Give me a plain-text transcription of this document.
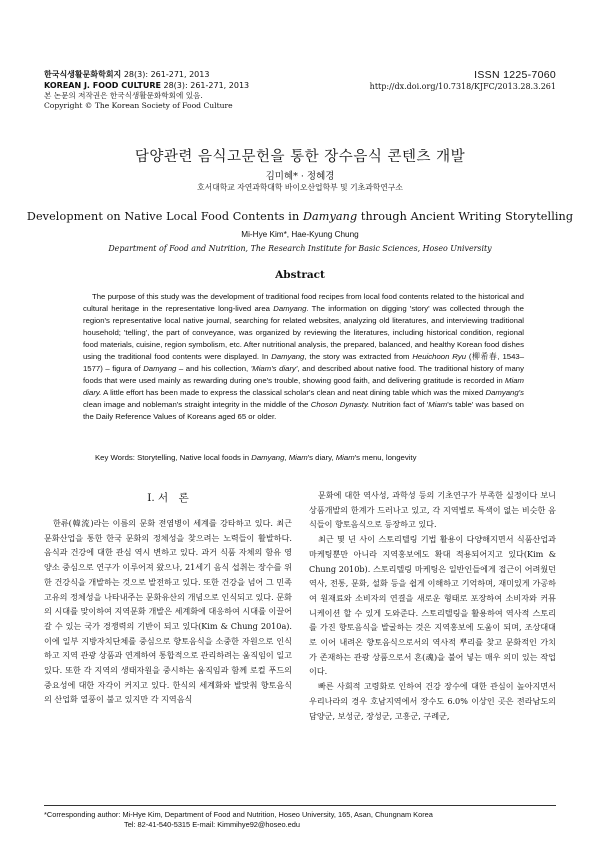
한국식생활문화학회지 28(3): 261-271, 2013
KOREAN J. FOOD CULTURE 28(3): 261-271, 2013
ISSN 1225-7060
http://dx.doi.org/10.7318/KJFC/2013.28.3.261
본 논문의 저작권은 한국식생활문화학회에 있음.
Copyright © The Korean Society of Food Culture
담양관련 음식고문헌을 통한 장수음식 콘텐츠 개발
김미혜* · 정혜경
호서대학교 자연과학대학 바이오산업학부 및 기초과학연구소
Development on Native Local Food Contents in Damyang through Ancient Writing Storytelling
Mi-Hye Kim*, Hae-Kyung Chung
Department of Food and Nutrition, The Research Institute for Basic Sciences, Hoseo University
Abstract
The purpose of this study was the development of traditional food recipes from local food contents related to the historical and cultural heritage in the representative long-lived area Damyang. The information on digging 'story' was collected through the region's representative local native journal, searching for related websites, analyzing old literatures, and interviewing traditional household; 'telling', the part of conveyance, was organized by reviewing the literatures, including historical condition, regional food materials, cuisine, region symbolism, etc. After nutritional analysis, the prepared, balanced, and healthy Korean food dishes using the traditional food contents were displayed. In Damyang, the story was extracted from Heuichoon Ryu (柳希春, 1543–1577) – figura of Damyang – and his collection, 'Miam's diary', and described about native food. The traditional history of many foods that were used mainly as rewarding during one's trouble, showing good faith, and delivering gratitude is recorded in Miam diary. A little effort has been made to express the classical scholar's clean and neat dining table which was the mixed Damyang's clean image and nobleman's straight integrity in the middle of the Choson Dynasty. Nutrition fact of 'Miam's table' was based on the Daily Reference Values of Koreans aged 65 or older.
Key Words: Storytelling, Native local foods in Damyang, Miam's diary, Miam's menu, longevity
I. 서　론

한류(韓流)라는 이름의 문화 전염병이 세계를 강타하고 있다. 최근 문화산업을 통한 한국 문화의 정체성을 찾으려는 노력들이 활발하다. 음식과 건강에 대한 관심 역시 변하고 있다. 과거 식품 자체의 함유 영양소 중심으로 연구가 이루어져 왔으나, 21세기 음식 섭취는 장수를 위한 건강식을 개발하는 것으로 발전하고 있다. 또한 건강을 넘어 그 민족 고유의 정체성을 나타내주는 문화유산의 개념으로 인식되고 있다. 문화의 시대를 맞이하여 지역문화 개발은 세계화에 대응하여 시대를 이끌어갈 수 있는 국가 경쟁력의 기반이 되고 있다(Kim & Chung 2010a). 이에 일부 지방자치단체를 중심으로 향토음식을 소중한 자원으로 인식하고 지역 관광 상품과 연계하여 통합적으로 관리하려는 움직임이 일고 있다. 또한 각 지역의 생태자원을 중시하는 움직임과 함께 로컬 푸드의 중요성에 대한 자각이 커지고 있다. 한식의 세계화와 발맞춰 향토음식의 산업화 열풍이 불고 있지만 각 지역음식

문화에 대한 역사성, 과학성 등의 기초연구가 부족한 실정이다 보니 상품개발의 한계가 드러나고 있고, 각 지역별로 특색이 없는 비슷한 음식들이 향토음식으로 등장하고 있다.

최근 몇 년 사이 스토리텔링 기법 활용이 다양해지면서 식품산업과 마케팅뿐만 아니라 지역홍보에도 확대 적용되어지고 있다(Kim & Chung 2010b). 스토리텔링 마케팅은 일반인들에게 접근이 어려웠던 역사, 전통, 문화, 설화 등을 쉽게 이해하고 기억하며, 재미있게 가공하여 원재료와 소비자의 연결을 새로운 형태로 포장하여 소비자와 커뮤니케이션 할 수 있게 도와준다. 스토리텔링을 활용하여 역사적 스토리를 가진 향토음식을 발굴하는 것은 지역홍보에 도움이 되며, 조상대대로 이어 내려온 향토음식으로서의 역사적 뿌리를 찾고 문화적인 가치가 존재하는 관광 상품으로서 혼(魂)을 불어 넣는 매우 의미 있는 작업이다.

빠른 사회적 고령화로 인하여 건강 장수에 대한 관심이 높아지면서 우리나라의 경우 호남지역에서 장수도 6.0% 이상인 곳은 전라남도의 담양군, 보성군, 장성군, 고흥군, 구례군,

*Corresponding author: Mi-Hye Kim, Department of Food and Nutrition, Hoseo University, 165, Asan, Chungnam Korea
Tel: 82-41-540-5315 E-mail: Kimmihye92@hoseo.edu
